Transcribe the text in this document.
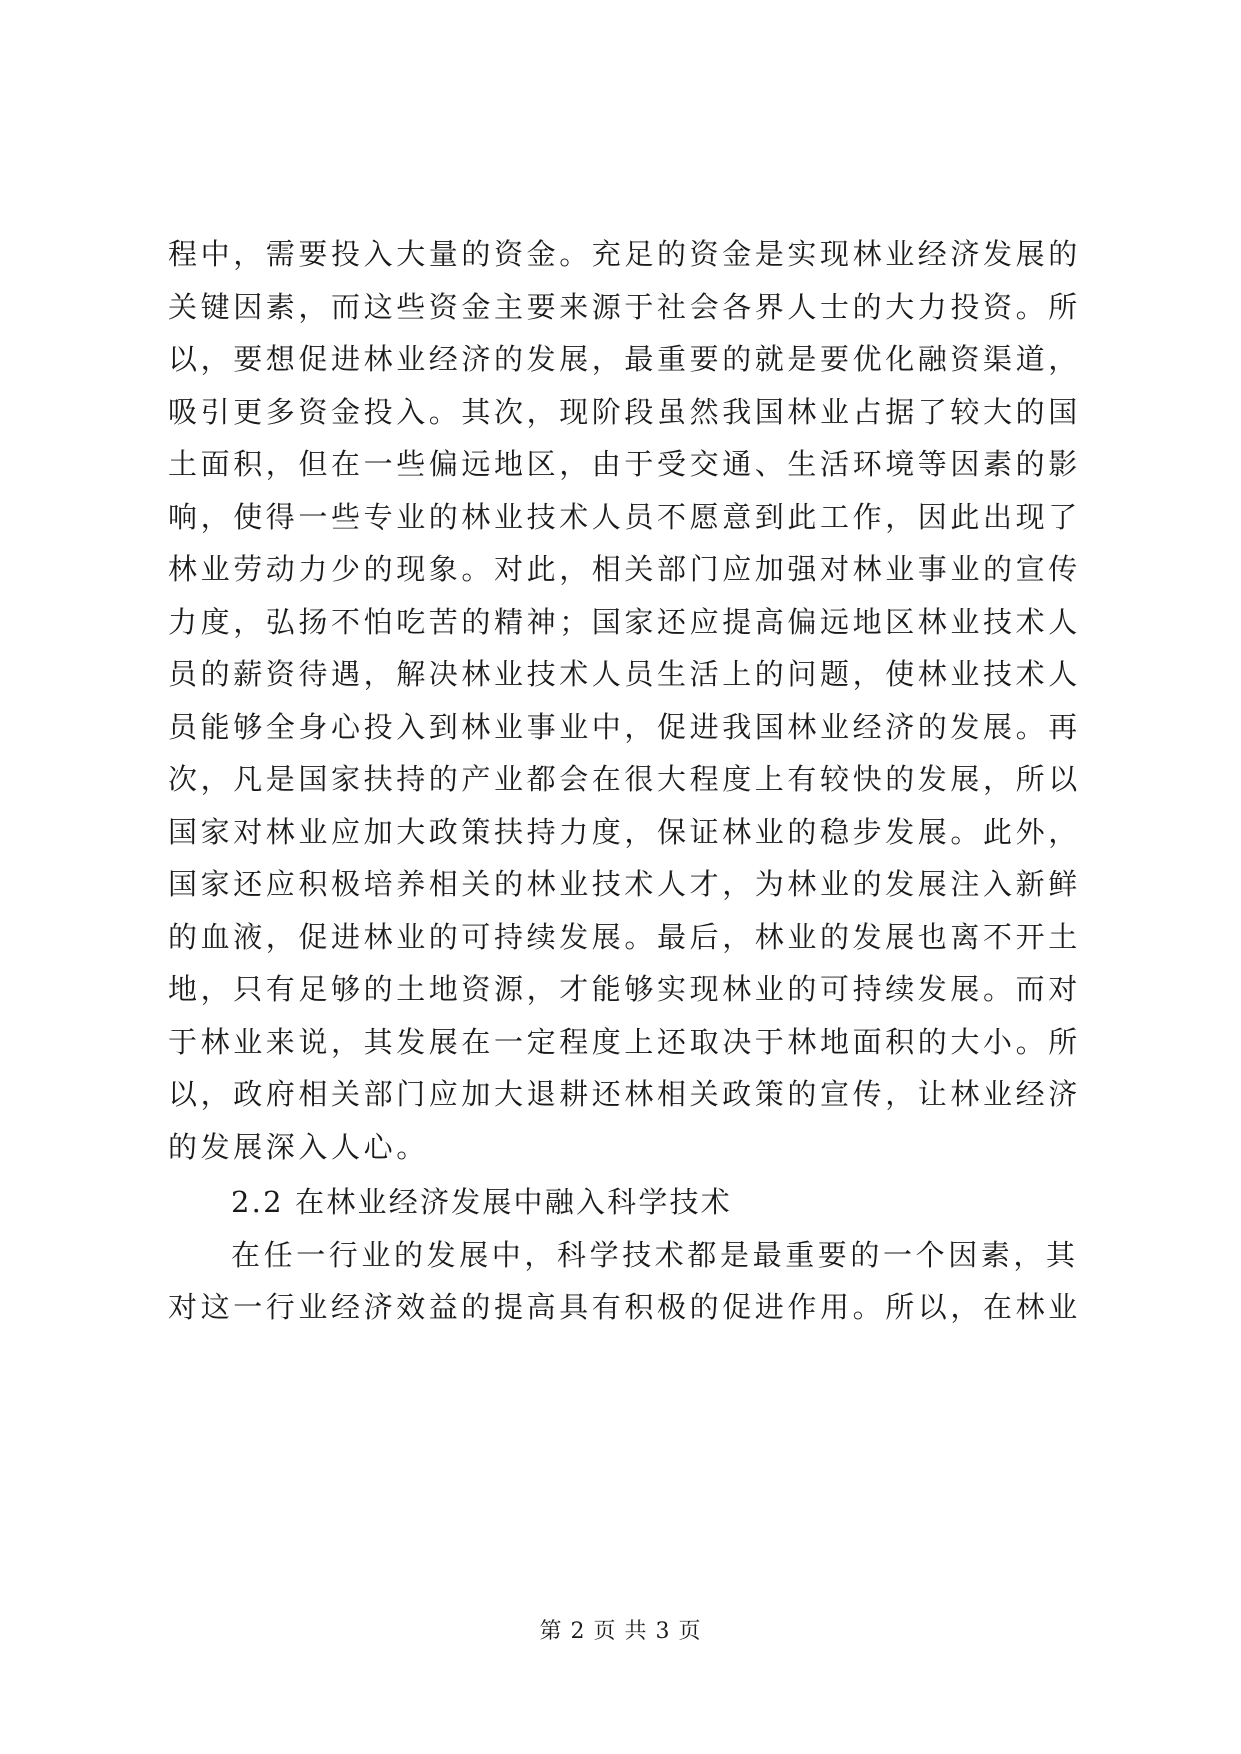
程中，需要投入大量的资金。充足的资金是实现林业经济发展的
关键因素，而这些资金主要来源于社会各界人士的大力投资。所
以，要想促进林业经济的发展，最重要的就是要优化融资渠道，
吸引更多资金投入。其次，现阶段虽然我国林业占据了较大的国
土面积，但在一些偏远地区，由于受交通、生活环境等因素的影
响，使得一些专业的林业技术人员不愿意到此工作，因此出现了
林业劳动力少的现象。对此，相关部门应加强对林业事业的宣传
力度，弘扬不怕吃苦的精神；国家还应提高偏远地区林业技术人
员的薪资待遇，解决林业技术人员生活上的问题，使林业技术人
员能够全身心投入到林业事业中，促进我国林业经济的发展。再
次，凡是国家扶持的产业都会在很大程度上有较快的发展，所以
国家对林业应加大政策扶持力度，保证林业的稳步发展。此外，
国家还应积极培养相关的林业技术人才，为林业的发展注入新鲜
的血液，促进林业的可持续发展。最后，林业的发展也离不开土
地，只有足够的土地资源，才能够实现林业的可持续发展。而对
于林业来说，其发展在一定程度上还取决于林地面积的大小。所
以，政府相关部门应加大退耕还林相关政策的宣传，让林业经济
的发展深入人心。
2.2 在林业经济发展中融入科学技术
在任一行业的发展中，科学技术都是最重要的一个因素，其
对这一行业经济效益的提高具有积极的促进作用。所以，在林业
第 2 页 共 3 页
